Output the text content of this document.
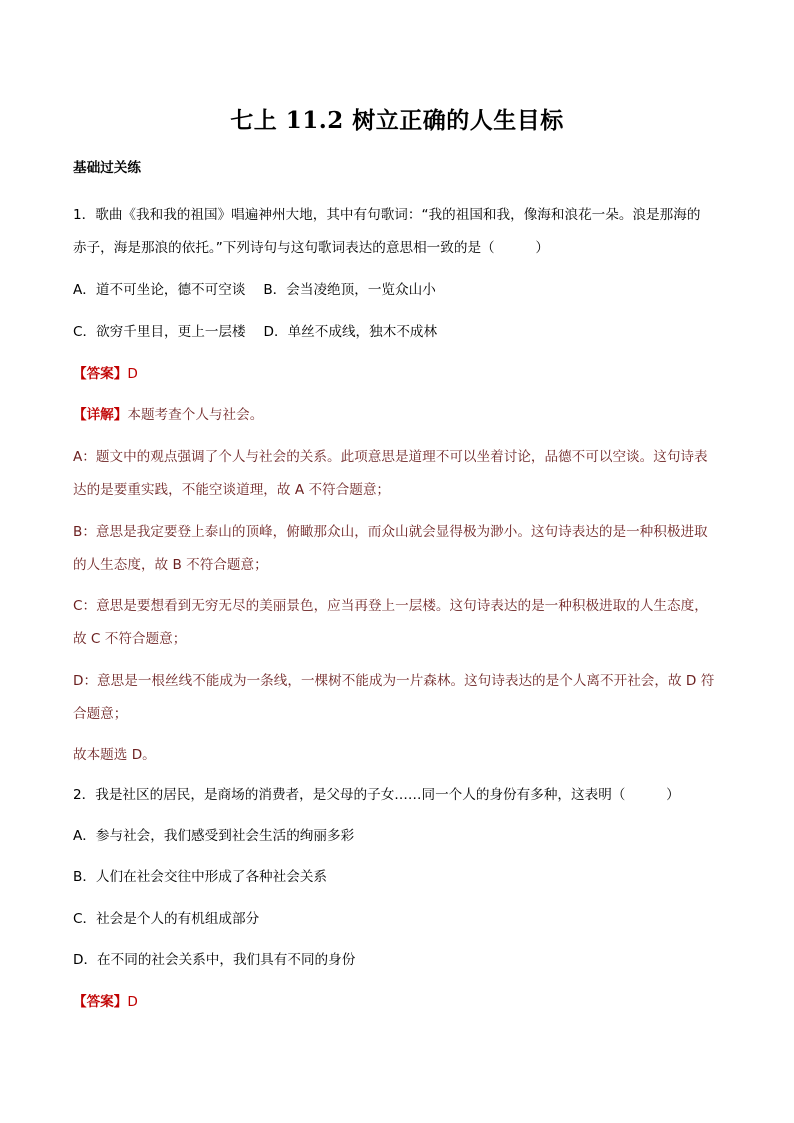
七上 11.2 树立正确的人生目标
基础过关练
1．歌曲《我和我的祖国》唱遍神州大地，其中有句歌词：“我的祖国和我，像海和浪花一朵。浪是那海的
赤子，海是那浪的依托。”下列诗句与这句歌词表达的意思相一致的是（　　　）
A．道不可坐论，德不可空谈　 B．会当凌绝顶，一览众山小
C．欲穷千里目，更上一层楼　 D．单丝不成线，独木不成林
【答案】D
【详解】本题考查个人与社会。
A：题文中的观点强调了个人与社会的关系。此项意思是道理不可以坐着讨论，品德不可以空谈。这句诗表
达的是要重实践，不能空谈道理，故 A 不符合题意；
B：意思是我定要登上泰山的顶峰，俯瞰那众山，而众山就会显得极为渺小。这句诗表达的是一种积极进取
的人生态度，故 B 不符合题意；
C：意思是要想看到无穷无尽的美丽景色，应当再登上一层楼。这句诗表达的是一种积极进取的人生态度，
故 C 不符合题意；
D：意思是一根丝线不能成为一条线，一棵树不能成为一片森林。这句诗表达的是个人离不开社会，故 D 符
合题意；
故本题选 D。
2．我是社区的居民，是商场的消费者，是父母的子女……同一个人的身份有多种，这表明（　　　）
A．参与社会，我们感受到社会生活的绚丽多彩
B．人们在社会交往中形成了各种社会关系
C．社会是个人的有机组成部分
D．在不同的社会关系中，我们具有不同的身份
【答案】D
